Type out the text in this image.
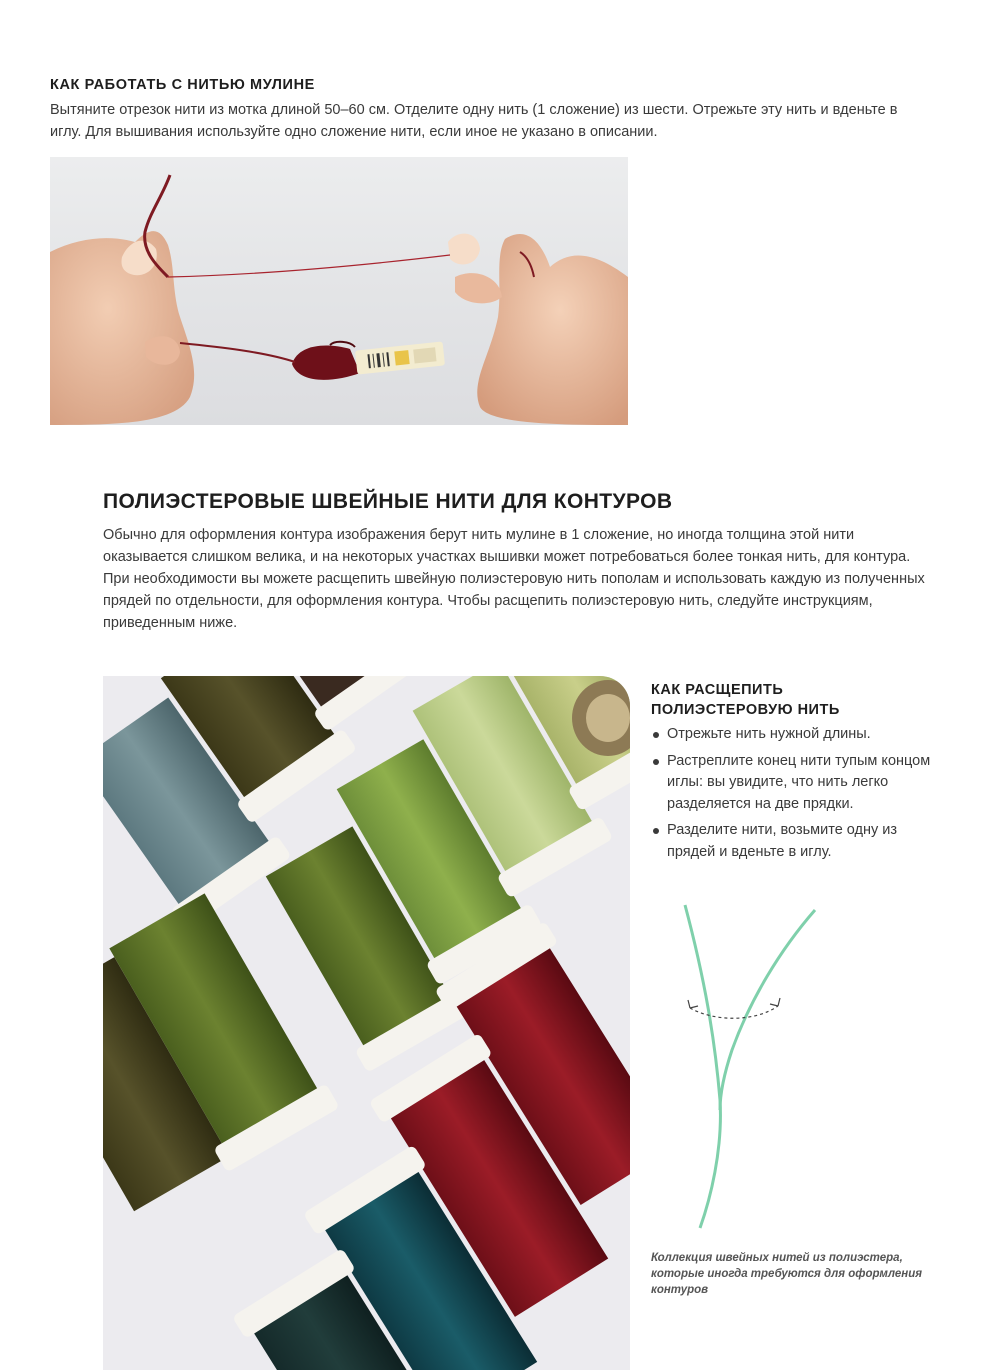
КАК РАБОТАТЬ С НИТЬЮ МУЛИНЕ

Вытяните отрезок нити из мотка длиной 50–60 см. Отделите одну нить (1 сложение) из шести. Отрежьте эту нить и вденьте в иглу. Для вышивания используйте одно сложение нити, если иное не указано в описании.

ПОЛИЭСТЕРОВЫЕ ШВЕЙНЫЕ НИТИ ДЛЯ КОНТУРОВ

Обычно для оформления контура изображения берут нить мулине в 1 сложение, но иногда толщина этой нити оказывается слишком велика, и на некоторых участках вышивки может потребоваться более тонкая нить, для контура. При необходимости вы можете расщепить швейную полиэстеровую нить пополам и использовать каждую из полученных прядей по отдельности, для оформления контура. Чтобы расщепить полиэстеровую нить, следуйте инструкциям, приведенным ниже.

КАК РАСЩЕПИТЬ
ПОЛИЭСТЕРОВУЮ НИТЬ
Отрежьте нить нужной длины.
Растреплите конец нити тупым концом иглы: вы увидите, что нить легко разделяется на две прядки.
Разделите нити, возьмите одну из прядей и вденьте в иглу.

Коллекция швейных нитей из полиэстера, которые иногда требуются для оформления контуров
